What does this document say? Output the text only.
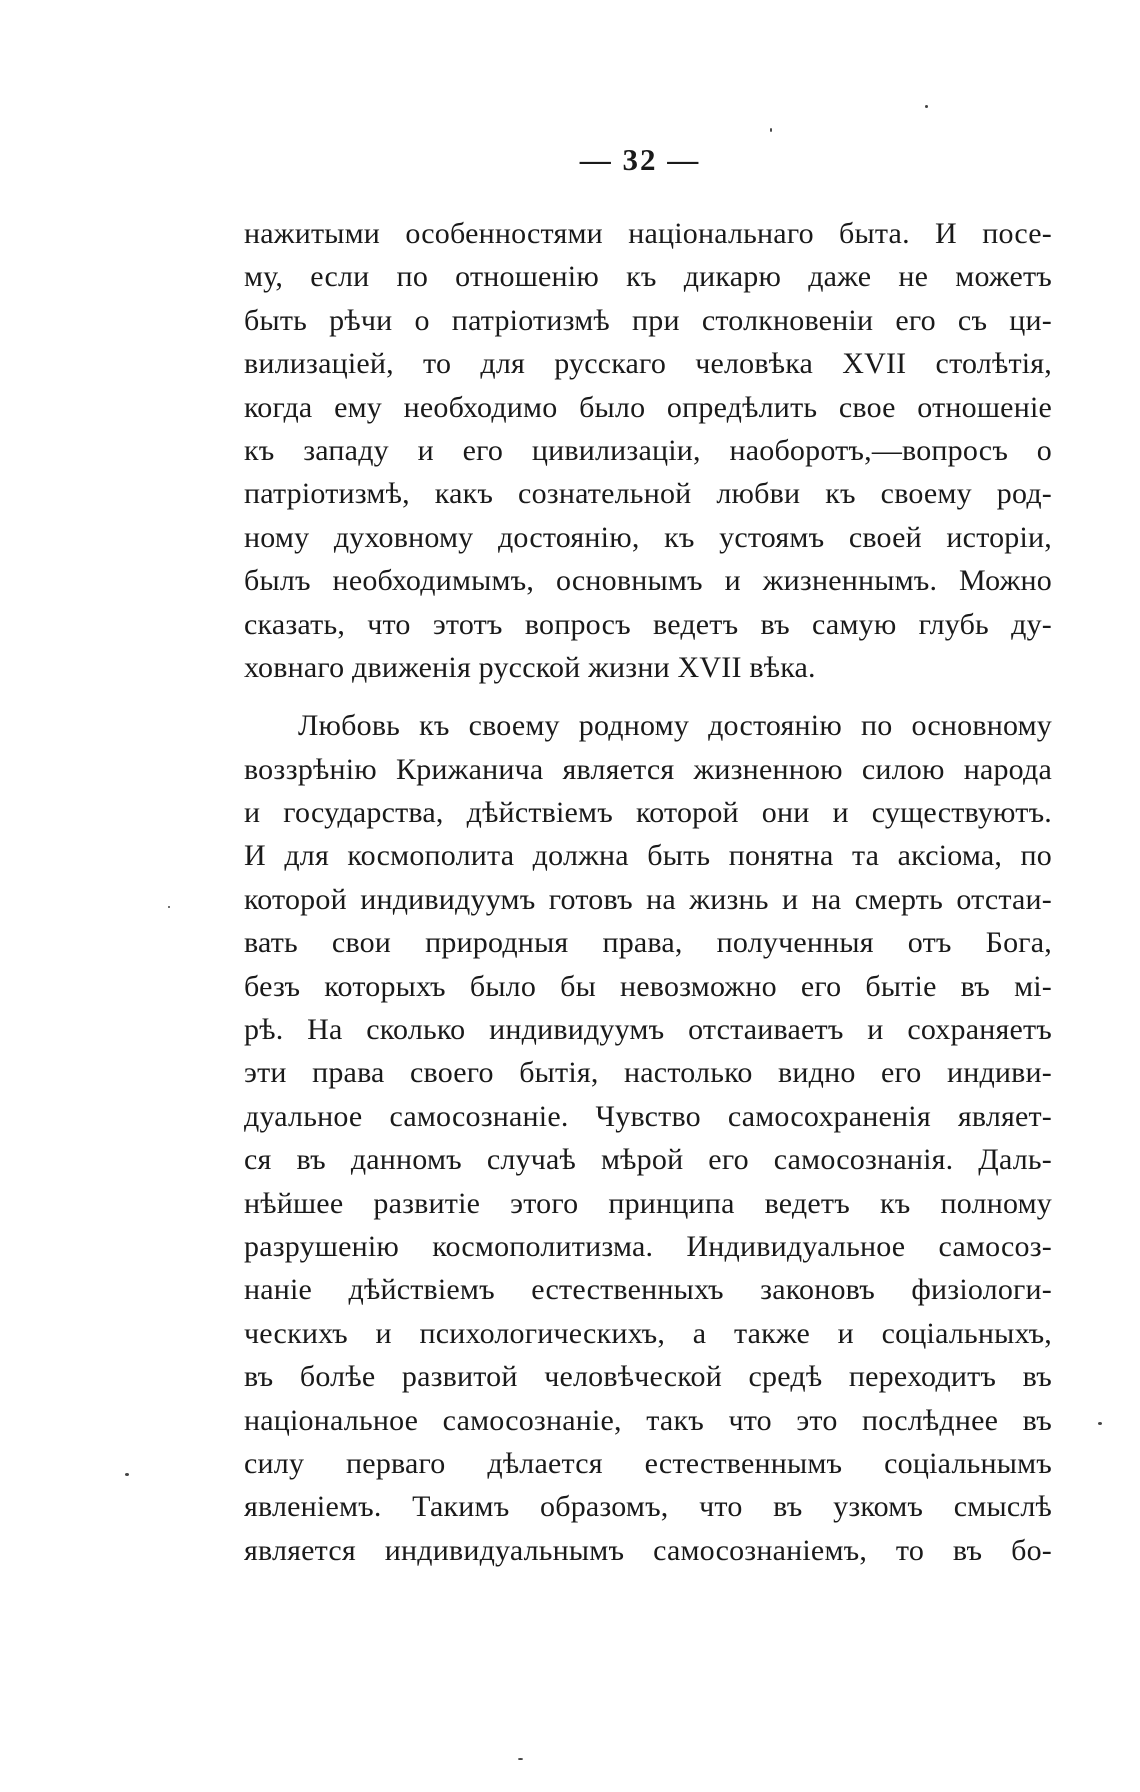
— 32 —
нажитыми особенностями національнаго быта. И посе-
му, если по отношенію къ дикарю даже не можетъ
быть рѣчи о патріотизмѣ при столкновеніи его съ ци-
вилизацiей, то для русскаго человѣка XVII столѣтія,
когда ему необходимо было опредѣлить свое отношеніе
къ западу и его цивилизаціи, наоборотъ,—вопросъ о
патріотизмѣ, какъ сознательной любви къ своему род-
ному духовному достоянію, къ устоямъ своей исторіи,
былъ необходимымъ, основнымъ и жизненнымъ. Можно
сказать, что этотъ вопросъ ведетъ въ самую глубь ду-
ховнаго движенія русской жизни XVII вѣка.
Любовь къ своему родному достоянію по основному
воззрѣнію Крижанича является жизненною силою народа
и государства, дѣйствіемъ которой они и существуютъ.
И для космополита должна быть понятна та аксіома, по
которой индивидуумъ готовъ на жизнь и на смерть отстаи-
вать свои природныя права, полученныя отъ Бога,
безъ которыхъ было бы невозможно его бытіе въ мі-
рѣ. На сколько индивидуумъ отстаиваетъ и сохраняетъ
эти права своего бытія, настолько видно его индиви-
дуальное самосознаніе. Чувство самосохраненія являет-
ся въ данномъ случаѣ мѣрой его самосознанія. Даль-
нѣйшее развитіе этого принципа ведетъ къ полному
разрушенію космополитизма. Индивидуальное самосоз-
наніе дѣйствіемъ естественныхъ законовъ физіологи-
ческихъ и психологическихъ, а также и соціальныхъ,
въ болѣе развитой человѣческой средѣ переходитъ въ
національное самосознаніе, такъ что это послѣднее въ
силу перваго дѣлается естественнымъ соціальнымъ
явленіемъ. Такимъ образомъ, что въ узкомъ смыслѣ
является индивидуальнымъ самосознаніемъ, то въ бо-
